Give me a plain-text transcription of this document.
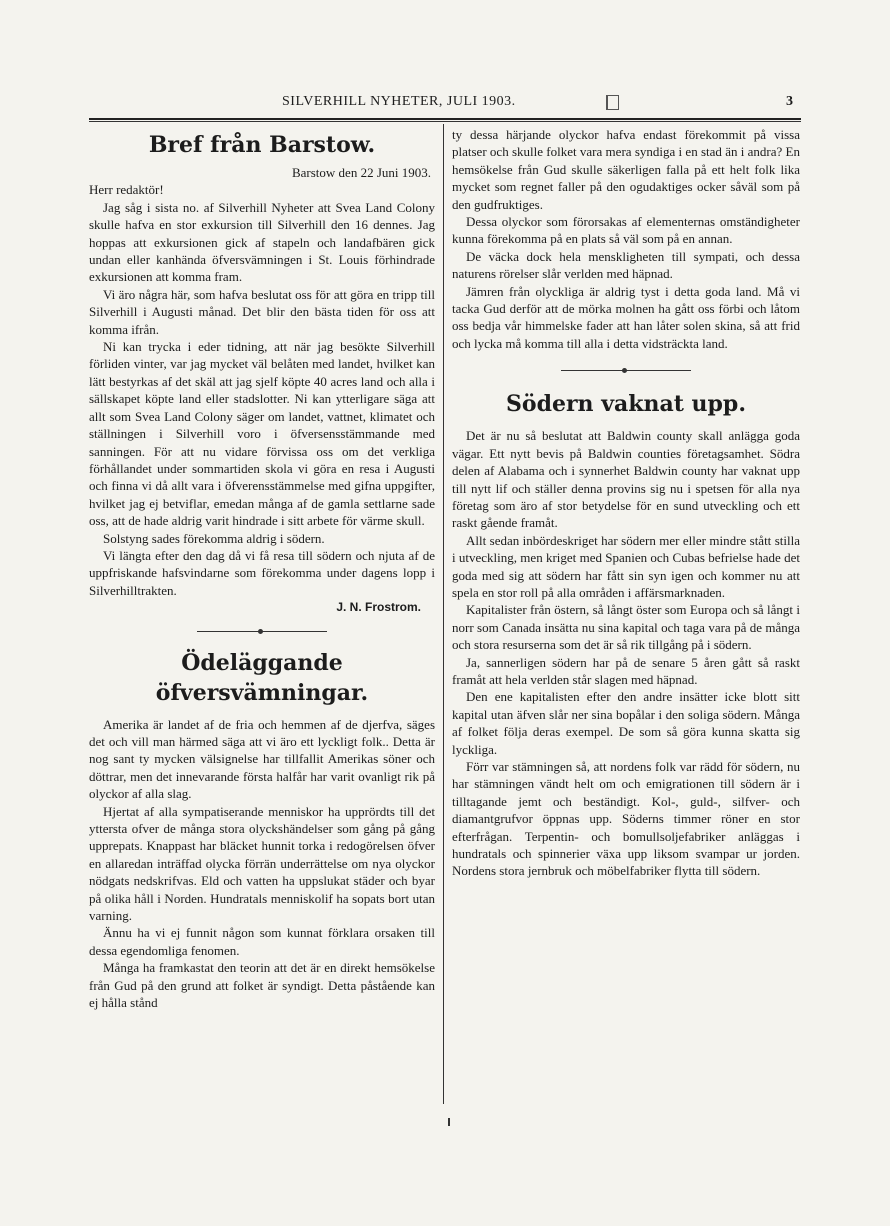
SILVERHILL NYHETER, JULI 1903.	3
Bref från Barstow.

Barstow den 22 Juni 1903.

Herr redaktör!

Jag såg i sista no. af Silverhill Nyheter att Svea Land Colony skulle hafva en stor exkursion till Silverhill den 16 dennes. Jag hoppas att exkursionen gick af stapeln och landafbären gick undan eller kanhända öfversvämningen i St. Louis förhindrade exkursionen att komma fram.

Vi äro några här, som hafva beslutat oss för att göra en tripp till Silverhill i Augusti månad. Det blir den bästa tiden för oss att komma ifrån.

Ni kan trycka i eder tidning, att när jag besökte Silverhill förliden vinter, var jag mycket väl belåten med landet, hvilket kan lätt bestyrkas af det skäl att jag sjelf köpte 40 acres land och alla i sällskapet köpte land eller stadslotter. Ni kan ytterligare säga att allt som Svea Land Colony säger om landet, vattnet, klimatet och ställningen i Silverhill voro i öfversensstämmande med sanningen. För att nu vidare förvissa oss om det verkliga förhållandet under sommartiden skola vi göra en resa i Augusti och finna vi då allt vara i öfverensstämmelse med gifna uppgifter, hvilket jag ej betviflar, emedan många af de gamla settlarne sade oss, att de hade aldrig varit hindrade i sitt arbete för värme skull.

Solstyng sades förekomma aldrig i södern.

Vi längta efter den dag då vi få resa till södern och njuta af de uppfriskande hafsvindarne som förekomma under dagens lopp i Silverhilltrakten.

J. N. Frostrom.

Ödeläggande öfversvämningar.

Amerika är landet af de fria och hemmen af de djerfva, säges det och vill man härmed säga att vi äro ett lyckligt folk.. Detta är nog sant ty mycken välsignelse har tillfallit Amerikas söner och döttrar, men det innevarande första halfår har varit ovanligt rik på olyckor af alla slag.

Hjertat af alla sympatiserande menniskor ha upprördts till det yttersta ofver de många stora olyckshändelser som gång på gång upprepats. Knappast har bläcket hunnit torka i redogörelsen öfver en allaredan inträffad olycka förrän underrättelse om nya olyckor nödgats nedskrifvas. Eld och vatten ha uppslukat städer och byar på olika håll i Norden. Hundratals menniskolif ha sopats bort utan varning.

Ännu ha vi ej funnit någon som kunnat förklara orsaken till dessa egendomliga fenomen.

Många ha framkastat den teorin att det är en direkt hemsökelse från Gud på den grund att folket är syndigt. Detta påstående kan ej hålla stånd

ty dessa härjande olyckor hafva endast förekommit på vissa platser och skulle folket vara mera syndiga i en stad än i andra? En hemsökelse från Gud skulle säkerligen falla på ett helt folk lika mycket som regnet faller på den ogudaktiges ocker såväl som på den gudfruktiges.

Dessa olyckor som förorsakas af elementernas omständigheter kunna förekomma på en plats så väl som på en annan.

De väcka dock hela menskligheten till sympati, och dessa naturens rörelser slår verlden med häpnad.

Jämren från olyckliga är aldrig tyst i detta goda land. Må vi tacka Gud derför att de mörka molnen ha gått oss förbi och låtom oss bedja vår himmelske fader att han låter solen skina, så att frid och lycka må komma till alla i detta vidsträckta land.

Södern vaknat upp.

Det är nu så beslutat att Baldwin county skall anlägga goda vägar. Ett nytt bevis på Baldwin counties företagsamhet. Södra delen af Alabama och i synnerhet Baldwin county har vaknat upp till nytt lif och ställer denna provins sig nu i spetsen för alla nya företag som äro af stor betydelse för en sund utveckling och ett raskt gående framåt.

Allt sedan inbördeskriget har södern mer eller mindre stått stilla i utveckling, men kriget med Spanien och Cubas befrielse hade det goda med sig att södern har fått sin syn igen och kommer nu att spela en stor roll på alla områden i affärsmarknaden.

Kapitalister från östern, så långt öster som Europa och så långt i norr som Canada insätta nu sina kapital och taga vara på de många och stora resurserna som det är så rik tillgång på i södern.

Ja, sannerligen södern har på de senare 5 åren gått så raskt framåt att hela verlden står slagen med häpnad.

Den ene kapitalisten efter den andre insätter icke blott sitt kapital utan äfven slår ner sina bopålar i den soliga södern. Många af folket följa deras exempel. De som så göra kunna skatta sig lyckliga.

Förr var stämningen så, att nordens folk var rädd för södern, nu har stämningen vändt helt om och emigrationen till södern är i tilltagande jemt och beständigt. Kol-, guld-, silfver- och diamantgrufvor öppnas upp. Söderns timmer röner en stor efterfrågan. Terpentin- och bomullsoljefabriker anläggas i hundratals och spinnerier växa upp liksom svampar ur jorden. Nordens stora jernbruk och möbelfabriker flytta till södern.
